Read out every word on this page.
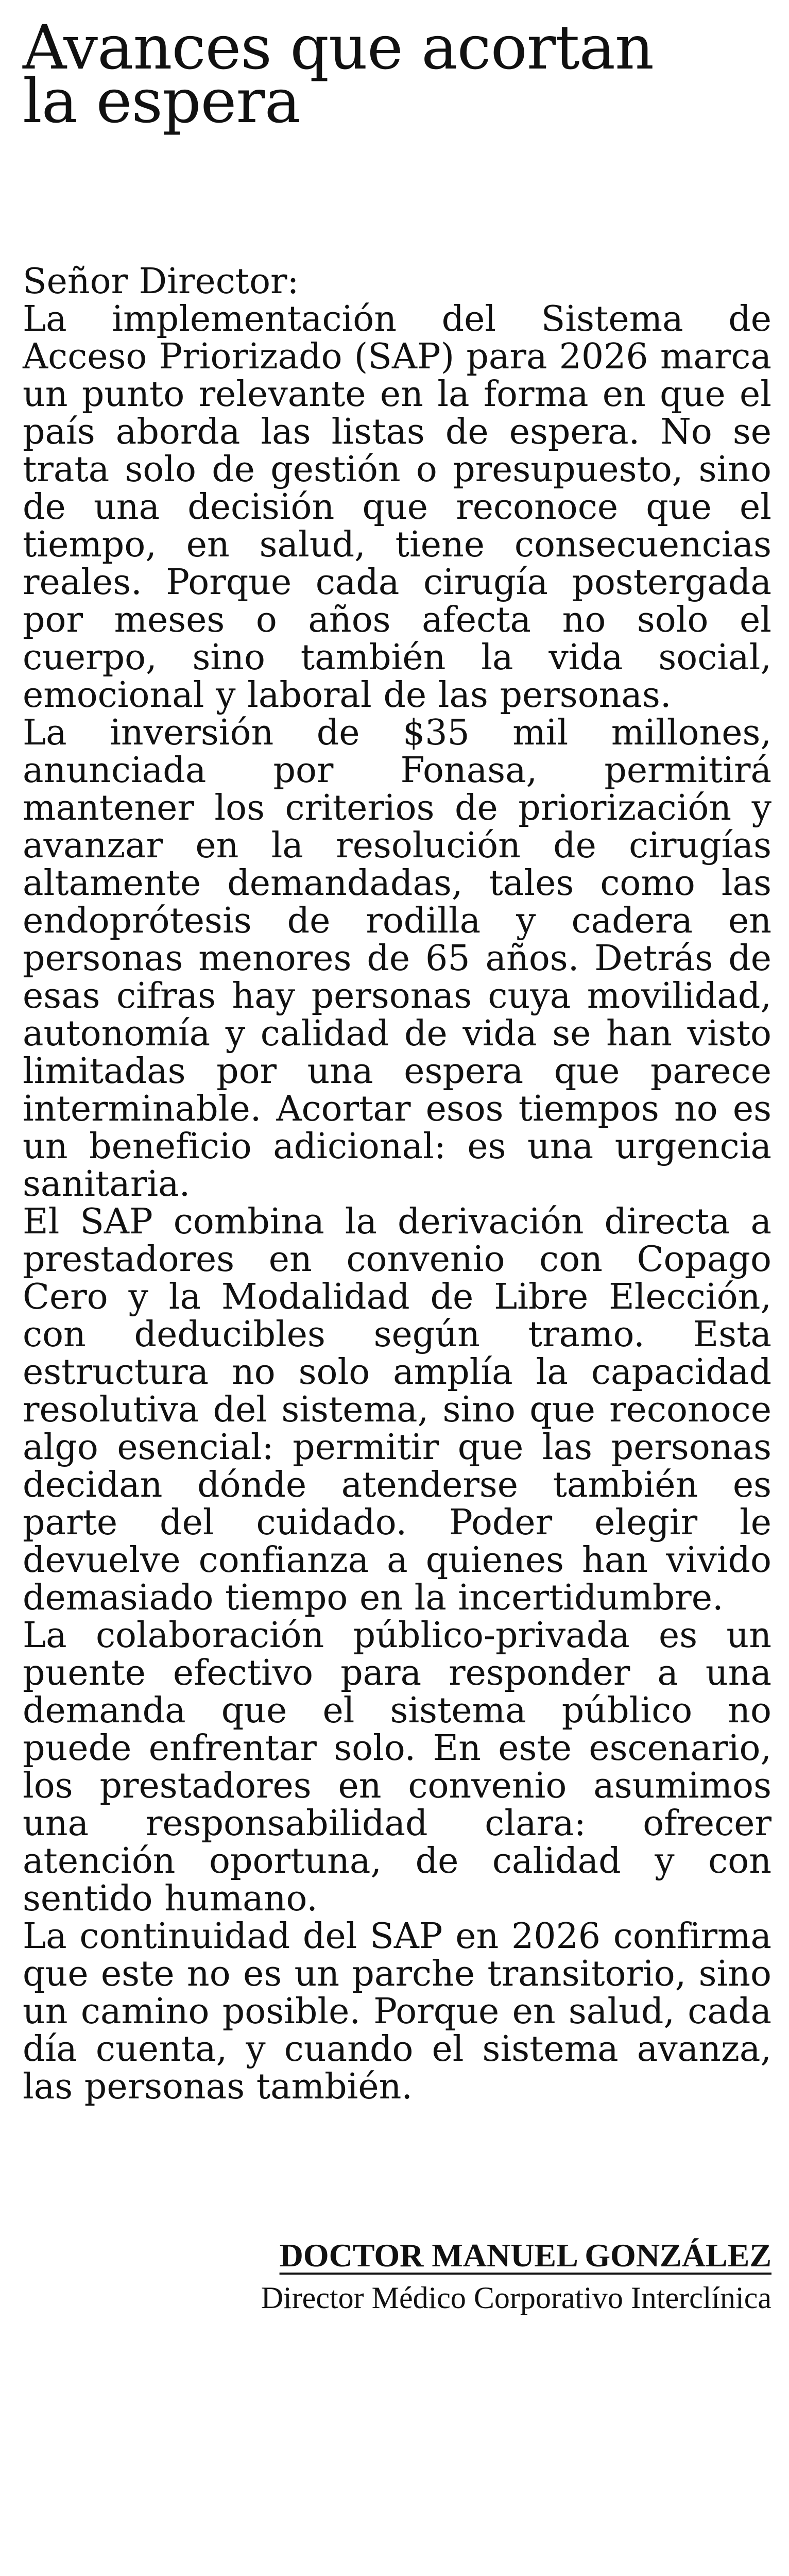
Avances que acortan
la espera

Señor Director:

La implementación del Sistema de Acceso Priorizado (SAP) para 2026 marca un punto relevante en la forma en que el país aborda las listas de espera. No se trata solo de gestión o presupuesto, sino de una decisión que reconoce que el tiempo, en salud, tiene consecuencias reales. Porque cada cirugía postergada por meses o años afecta no solo el cuerpo, sino también la vida social, emocional y laboral de las personas.

La inversión de $35 mil millones, anunciada por Fonasa, permitirá mantener los criterios de priorización y avanzar en la resolución de cirugías altamente demandadas, tales como las endoprótesis de rodilla y cadera en personas menores de 65 años. Detrás de esas cifras hay personas cuya movilidad, autonomía y calidad de vida se han visto limitadas por una espera que parece interminable. Acortar esos tiempos no es un beneficio adicional: es una urgencia sanitaria.

El SAP combina la derivación directa a prestadores en convenio con Copago Cero y la Modalidad de Libre Elección, con deducibles según tramo. Esta estructura no solo amplía la capacidad resolutiva del sistema, sino que reconoce algo esencial: permitir que las personas decidan dónde atenderse también es parte del cuidado. Poder elegir le devuelve confianza a quienes han vivido demasiado tiempo en la incertidumbre.

La colaboración público-privada es un puente efectivo para responder a una demanda que el sistema público no puede enfrentar solo. En este escenario, los prestadores en convenio asumimos una responsabilidad clara: ofrecer atención oportuna, de calidad y con sentido humano.

La continuidad del SAP en 2026 confirma que este no es un parche transitorio, sino un camino posible. Porque en salud, cada día cuenta, y cuando el sistema avanza, las personas también.

DOCTOR MANUEL GONZÁLEZ
Director Médico Corporativo Interclínica
